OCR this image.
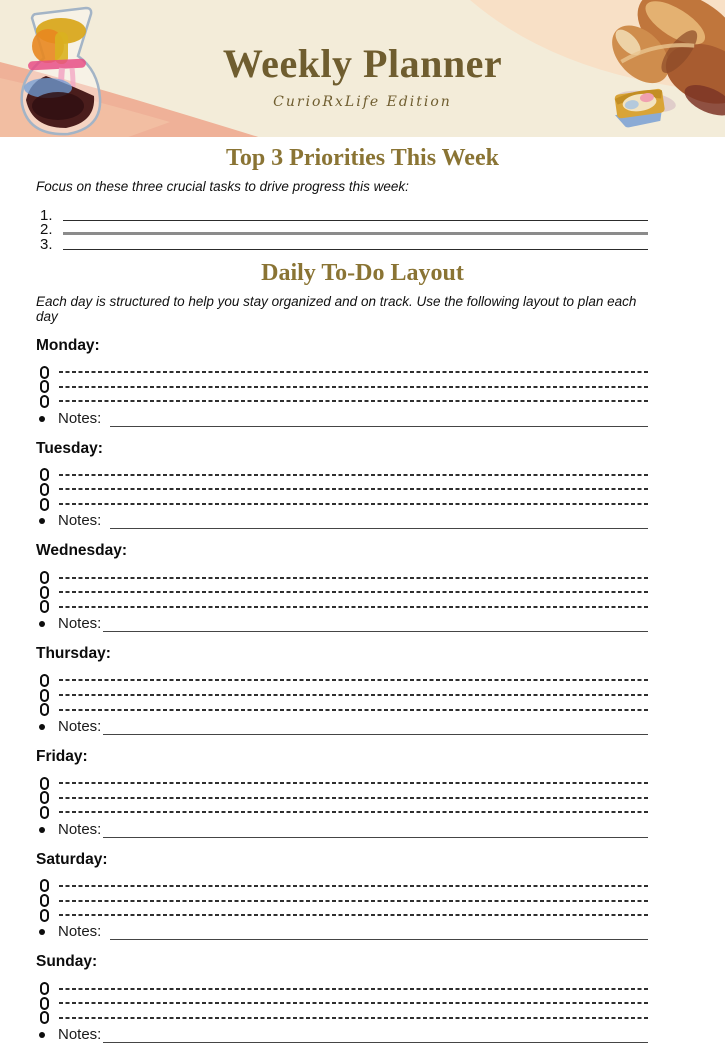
Weekly Planner
CurioRxLife Edition
Top 3 Priorities This Week

Focus on these three crucial tasks to drive progress this week:

1.
2.
3.
Daily To-Do Layout

Each day is structured to help you stay organized and on track. Use the following layout to plan each day

Monday:
Notes:
Tuesday:
Notes:
Wednesday:
Notes:
Thursday:
Notes:
Friday:
Notes:
Saturday:
Notes:
Sunday:
Notes:
